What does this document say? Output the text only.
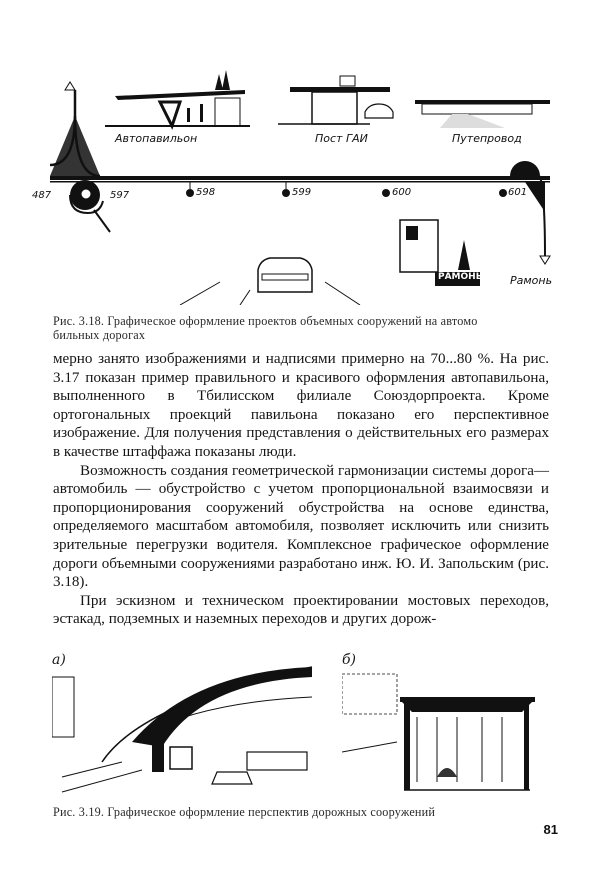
Автопавильон	Пост ГАИ	Путепровод
Рамонь
487	597	598	599	600	601
РАМОНЬ
Рис. 3.18. Графическое оформление проектов объемных сооружений на автомо
бильных дорогах

мерно занято изображениями и надписями примерно на 70...80 %. На рис. 3.17 показан пример правильного и красивого оформления автопавильона, выполненного в Тбилисском филиале Союздорпроекта. Кроме ортогональных проекций павильона показано его перспективное изображение. Для получения представления о действительных его размерах в качестве штаффажа показаны люди.

Возможность создания геометрической гармонизации системы дорога—автомобиль — обустройство с учетом пропорциональной взаимосвязи и пропорционирования сооружений обустройства на основе единства, определяемого масштабом автомобиля, позволяет исключить или снизить зрительные перегрузки водителя. Комплексное графическое оформление дороги объемными сооружениями разработано инж. Ю. И. Запольским (рис. 3.18).

При эскизном и техническом проектировании мостовых переходов, эстакад, подземных и наземных переходов и других дорож-

а)	б)
Рис. 3.19. Графическое оформление перспектив дорожных сооружений
81
